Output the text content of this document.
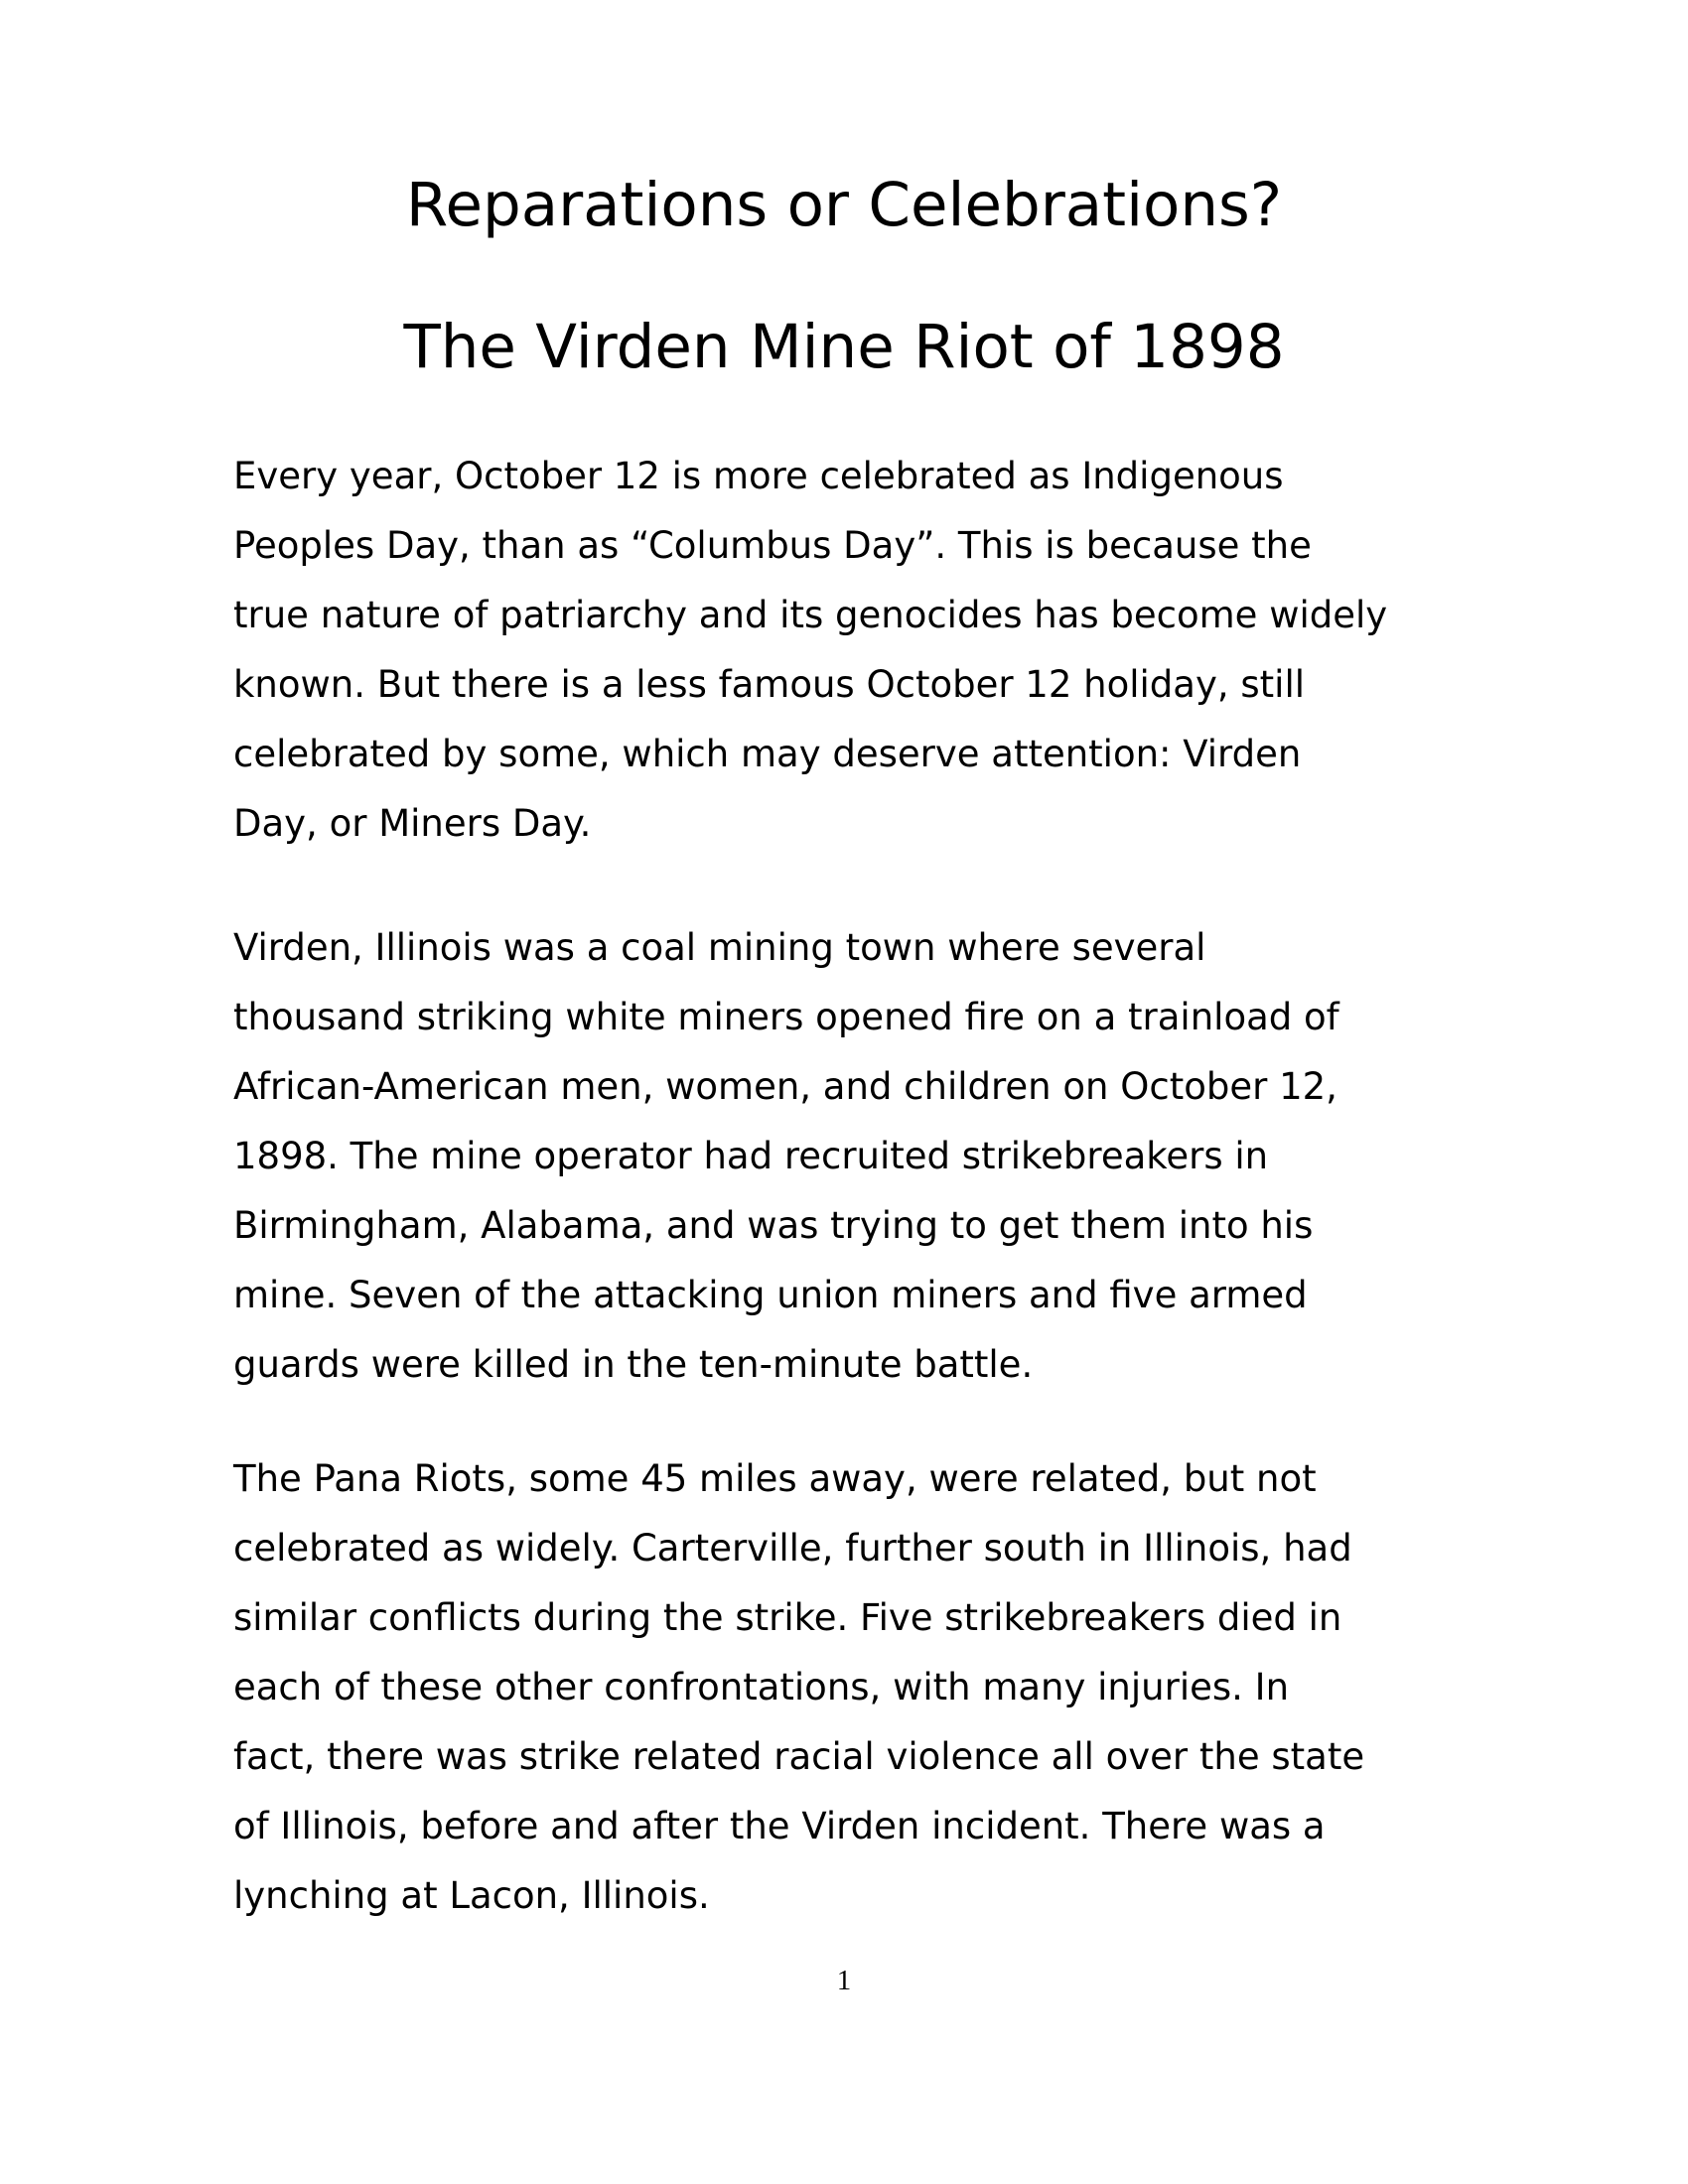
Reparations or Celebrations?
The Virden Mine Riot of 1898

Every year, October 12 is more celebrated as Indigenous
Peoples Day, than as “Columbus Day”. This is because the
true nature of patriarchy and its genocides has become widely
known. But there is a less famous October 12 holiday, still
celebrated by some, which may deserve attention: Virden
Day, or Miners Day.

Virden, Illinois was a coal mining town where several
thousand striking white miners opened fire on a trainload of
African-American men, women, and children on October 12,
1898. The mine operator had recruited strikebreakers in
Birmingham, Alabama, and was trying to get them into his
mine. Seven of the attacking union miners and five armed
guards were killed in the ten-minute battle.

The Pana Riots, some 45 miles away, were related, but not
celebrated as widely. Carterville, further south in Illinois, had
similar conflicts during the strike. Five strikebreakers died in
each of these other confrontations, with many injuries. In
fact, there was strike related racial violence all over the state
of Illinois, before and after the Virden incident. There was a
lynching at Lacon, Illinois.

1
